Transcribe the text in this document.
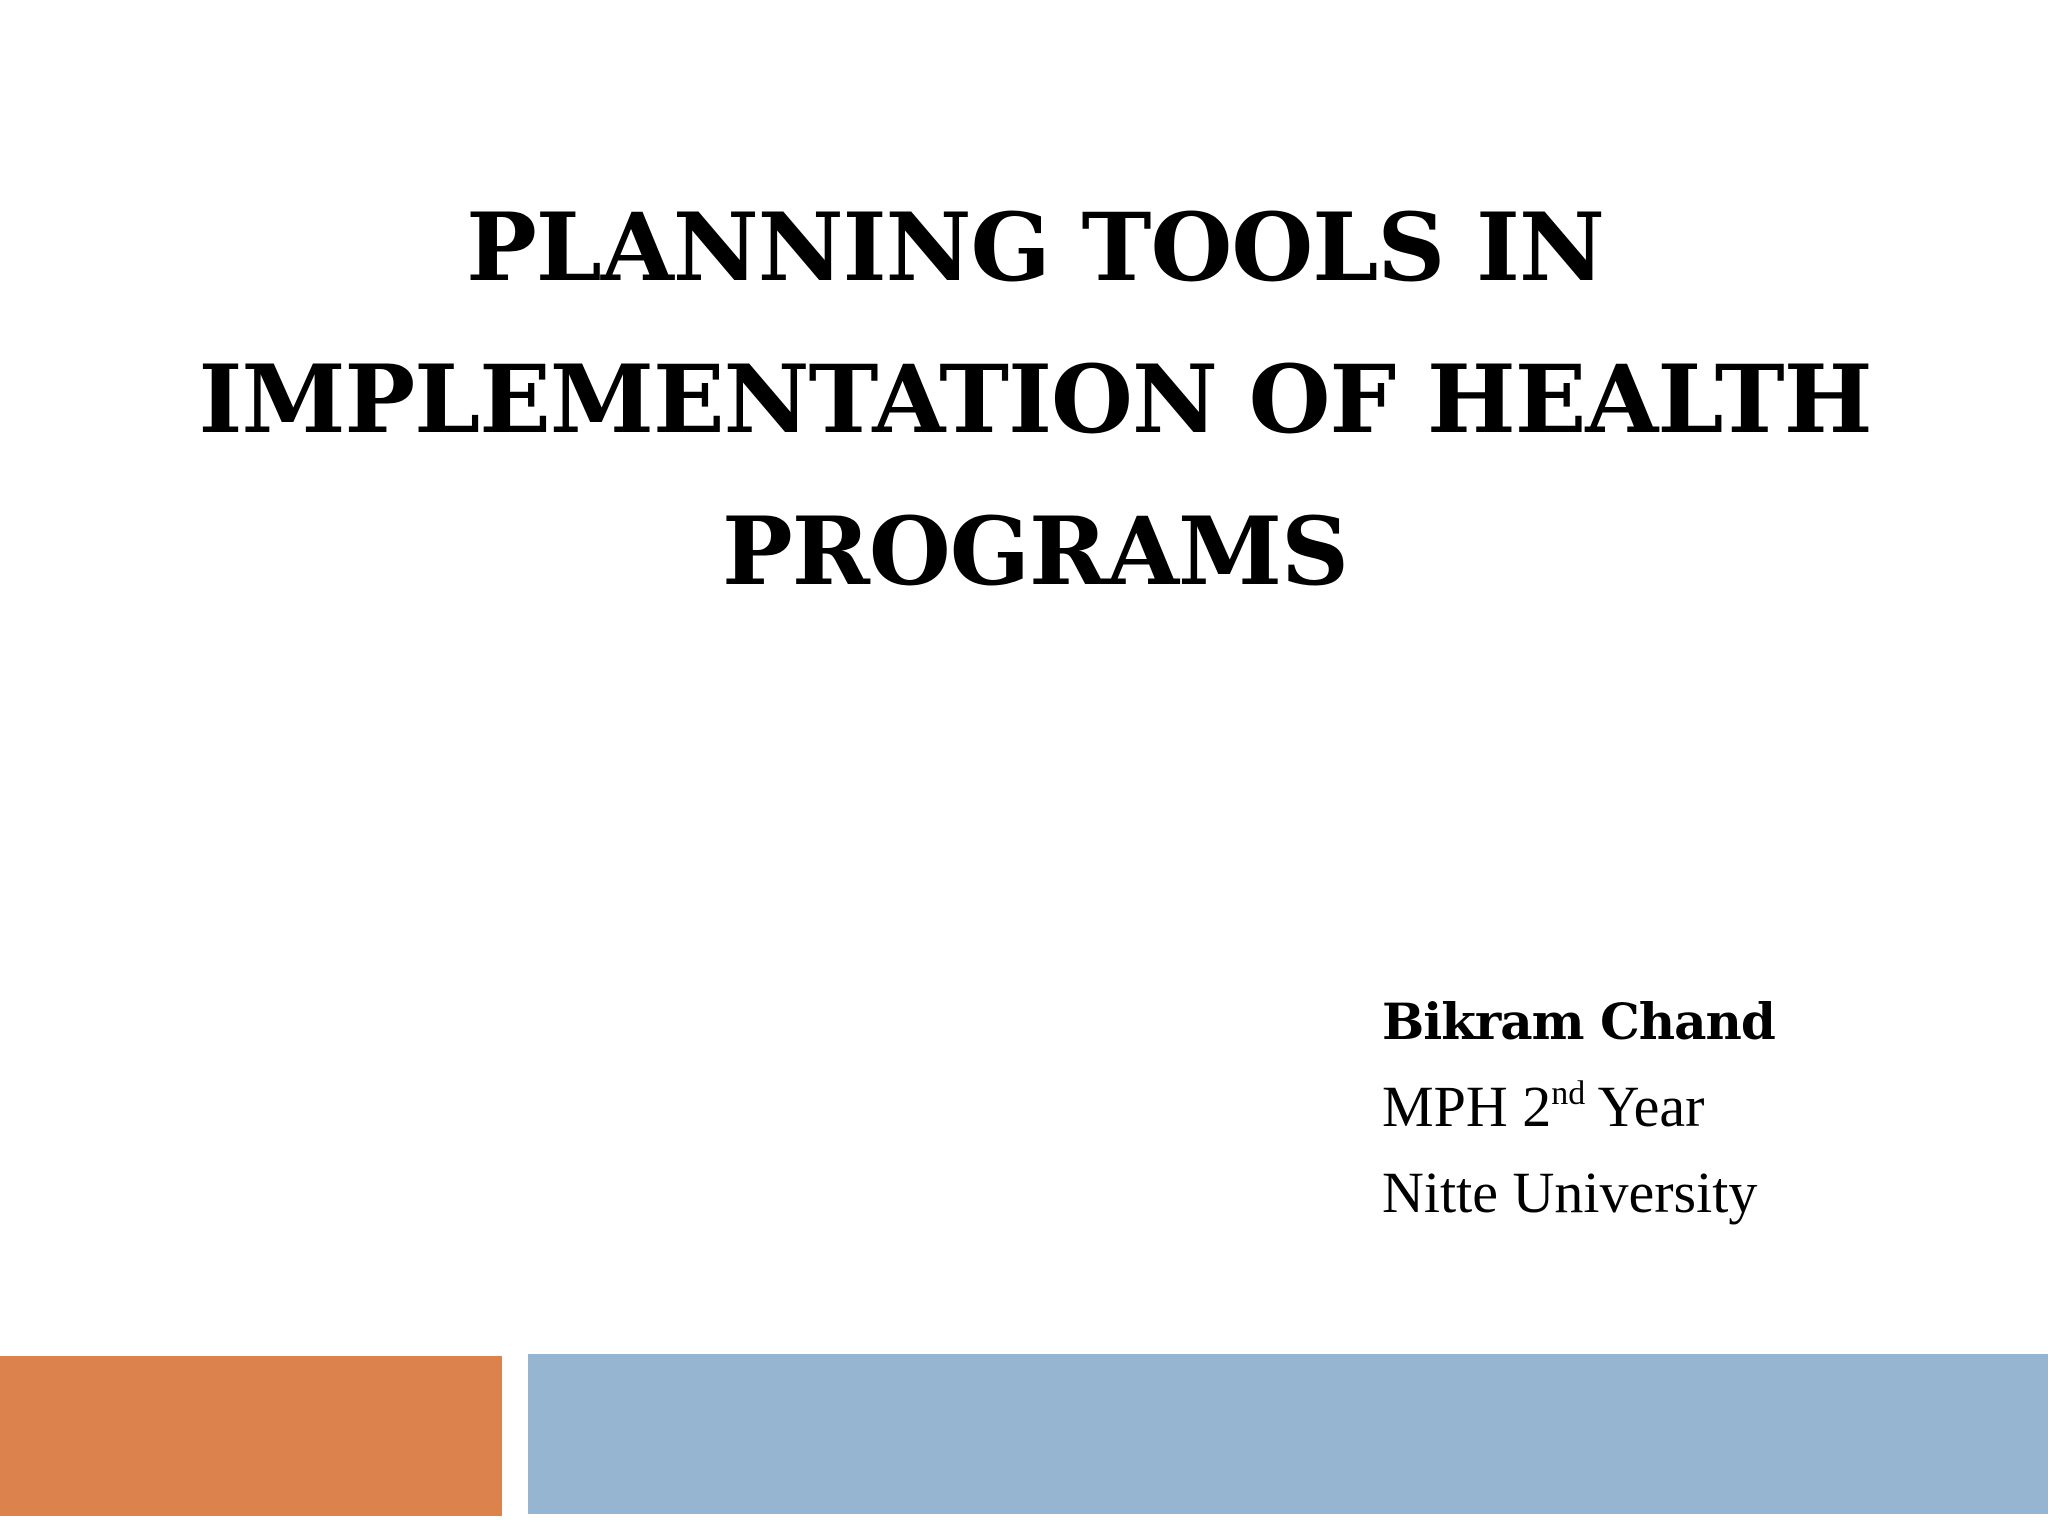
PLANNING TOOLS IN
IMPLEMENTATION OF HEALTH
PROGRAMS
Bikram Chand
MPH 2nd Year
Nitte University
